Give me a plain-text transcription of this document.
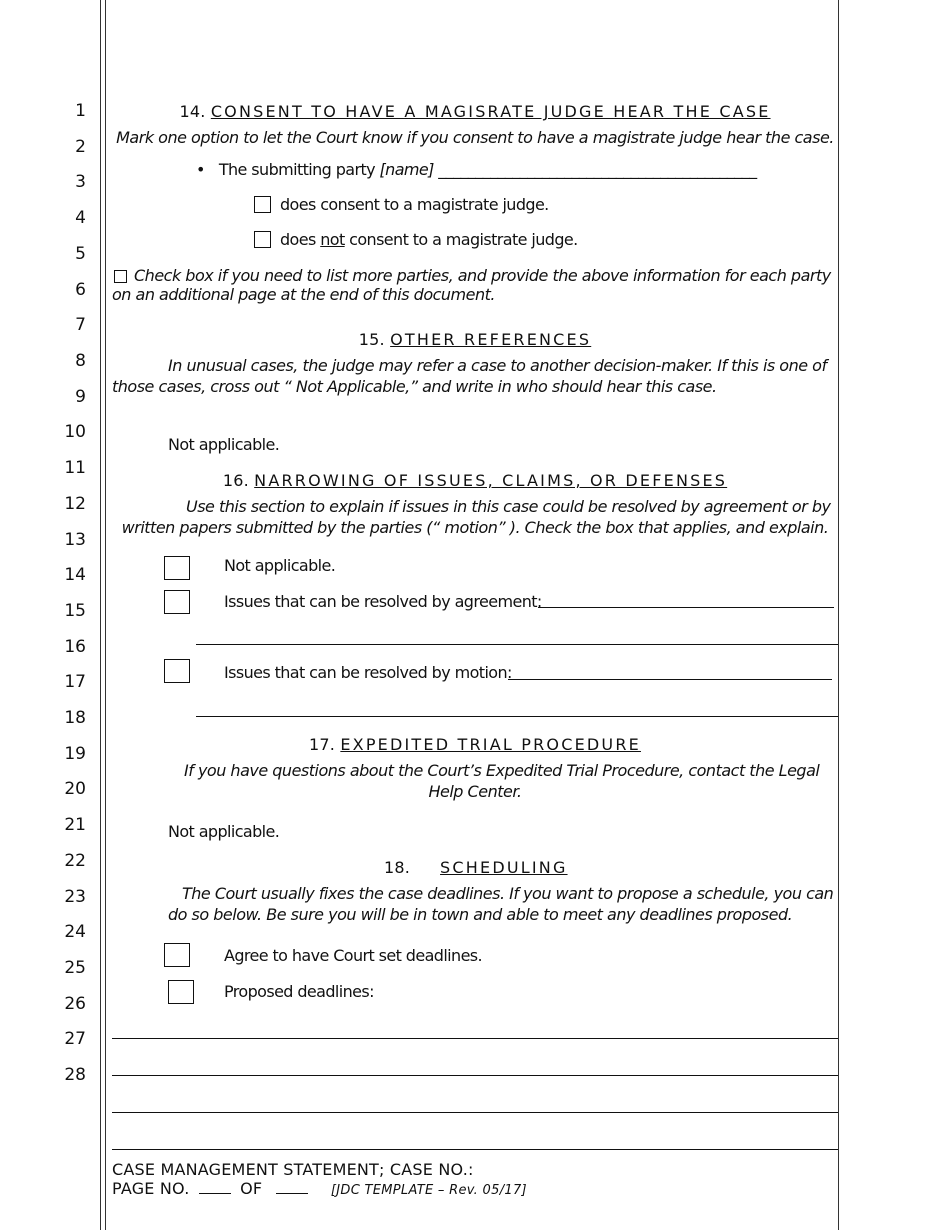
1
2
3
4
5
6
7
8
9
10
11
12
13
14
15
16
17
18
19
20
21
22
23
24
25
26
27
28
14. CONSENT TO HAVE A MAGISRATE JUDGE HEAR THE CASE
Mark one option to let the Court know if you consent to have a magistrate judge hear the case.
• The submitting party [name] ___________________________________________
does consent to a magistrate judge.
does not consent to a magistrate judge.
Check box if you need to list more parties, and provide the above information for each party
on an additional page at the end of this document.
15. OTHER REFERENCES
In unusual cases, the judge may refer a case to another decision-maker. If this is one of
those cases, cross out “ Not Applicable,” and write in who should hear this case.
Not applicable.
16. NARROWING OF ISSUES, CLAIMS, OR DEFENSES
Use this section to explain if issues in this case could be resolved by agreement or by
written papers submitted by the parties (“ motion” ). Check the box that applies, and explain.
Not applicable.
Issues that can be resolved by agreement:
Issues that can be resolved by motion:
17. EXPEDITED TRIAL PROCEDURE
If you have questions about the Court’s Expedited Trial Procedure, contact the Legal
Help Center.
Not applicable.
18. SCHEDULING
The Court usually fixes the case deadlines. If you want to propose a schedule, you can
do so below. Be sure you will be in town and able to meet any deadlines proposed.
Agree to have Court set deadlines.
Proposed deadlines:
CASE MANAGEMENT STATEMENT; CASE NO.:
PAGE NO.	OF	[JDC TEMPLATE – Rev. 05/17]
